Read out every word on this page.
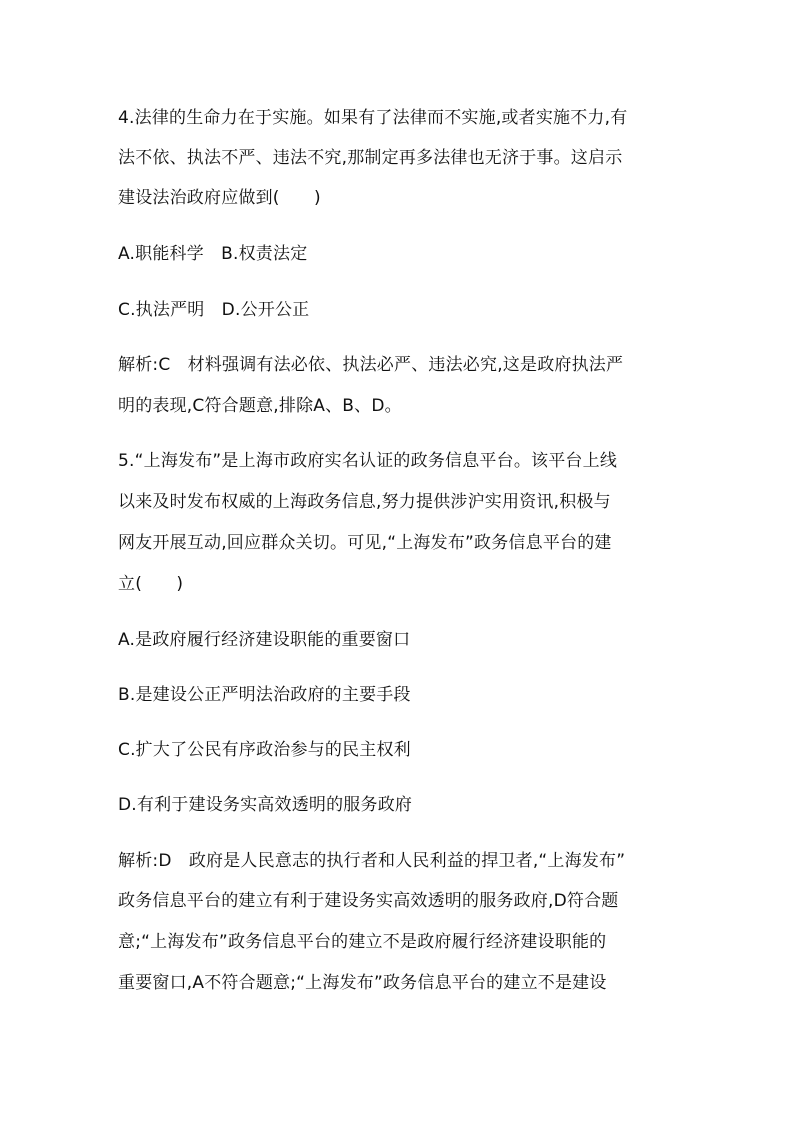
4.法律的生命力在于实施。如果有了法律而不实施,或者实施不力,有
法不依、执法不严、违法不究,那制定再多法律也无济于事。这启示
建设法治政府应做到(　　)
A.职能科学　B.权责法定
C.执法严明　D.公开公正
解析:C　材料强调有法必依、执法必严、违法必究,这是政府执法严
明的表现,C符合题意,排除A、B、D。
5.“上海发布”是上海市政府实名认证的政务信息平台。该平台上线
以来及时发布权威的上海政务信息,努力提供涉沪实用资讯,积极与
网友开展互动,回应群众关切。可见,“上海发布”政务信息平台的建
立(　　)
A.是政府履行经济建设职能的重要窗口
B.是建设公正严明法治政府的主要手段
C.扩大了公民有序政治参与的民主权利
D.有利于建设务实高效透明的服务政府
解析:D　政府是人民意志的执行者和人民利益的捍卫者,“上海发布”
政务信息平台的建立有利于建设务实高效透明的服务政府,D符合题
意;“上海发布”政务信息平台的建立不是政府履行经济建设职能的
重要窗口,A不符合题意;“上海发布”政务信息平台的建立不是建设
